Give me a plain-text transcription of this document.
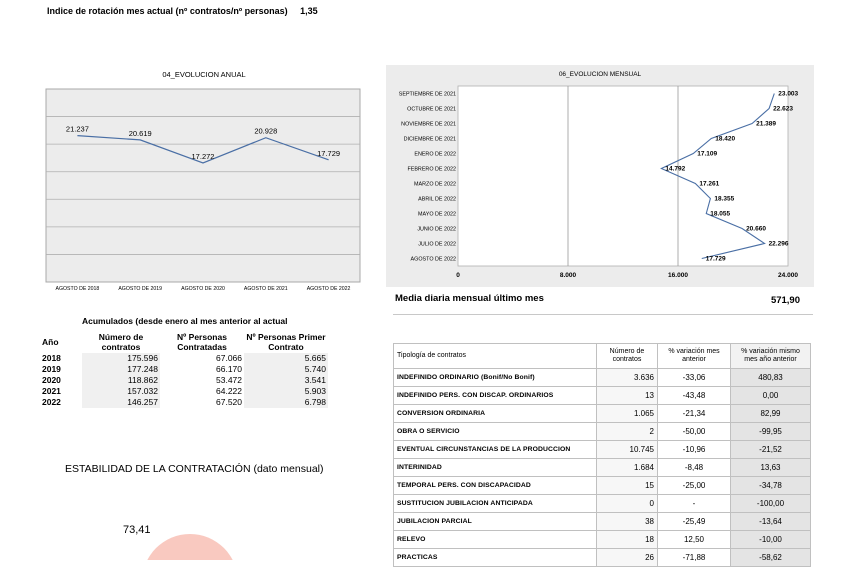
Indice de rotación mes actual (nº contratos/nº personas) 1,35
04_EVOLUCION ANUAL
21.237	20.619
17.272
20.928
17.729
AGOSTO DE 2018	AGOSTO DE 2019	AGOSTO DE 2020	AGOSTO DE 2021	AGOSTO DE 2022
06_EVOLUCION MENSUAL
0	8.000	16.000	24.000
SEPTIEMBRE DE 2021
OCTUBRE DE 2021
NOVIEMBRE DE 2021
DICIEMBRE DE 2021
ENERO DE 2022
FEBRERO DE 2022
MARZO DE 2022
ABRIL DE 2022
MAYO DE 2022
JUNIO DE 2022
JULIO DE 2022
AGOSTO DE 2022
23.003
22.623
21.389
18.420
17.109
14.792
17.261
18.355
18.055
20.660
22.296
17.729
Media diaria mensual último mes	571,90
Acumulados (desde enero al mes anterior al actual
Año	Número de contratos	Nº Personas Contratadas	Nº Personas Primer Contrato
2018	175.596	67.066	5.665
2019	177.248	66.170	5.740
2020	118.862	53.472	3.541
2021	157.032	64.222	5.903
2022	146.257	67.520	6.798
ESTABILIDAD DE LA CONTRATACIÓN (dato mensual)
73,41
Tipología de contratos	Número de contratos	% variación mes anterior	% variación mismo mes año anterior
INDEFINIDO ORDINARIO (Bonif/No Bonif)	3.636	-33,06	480,83
INDEFINIDO PERS. CON DISCAP. ORDINARIOS	13	-43,48	0,00
CONVERSION ORDINARIA	1.065	-21,34	82,99
OBRA O SERVICIO	2	-50,00	-99,95
EVENTUAL CIRCUNSTANCIAS DE LA PRODUCCION	10.745	-10,96	-21,52
INTERINIDAD	1.684	-8,48	13,63
TEMPORAL PERS. CON DISCAPACIDAD	15	-25,00	-34,78
SUSTITUCION JUBILACION ANTICIPADA	0	-	-100,00
JUBILACION PARCIAL	38	-25,49	-13,64
RELEVO	18	12,50	-10,00
PRACTICAS	26	-71,88	-58,62
